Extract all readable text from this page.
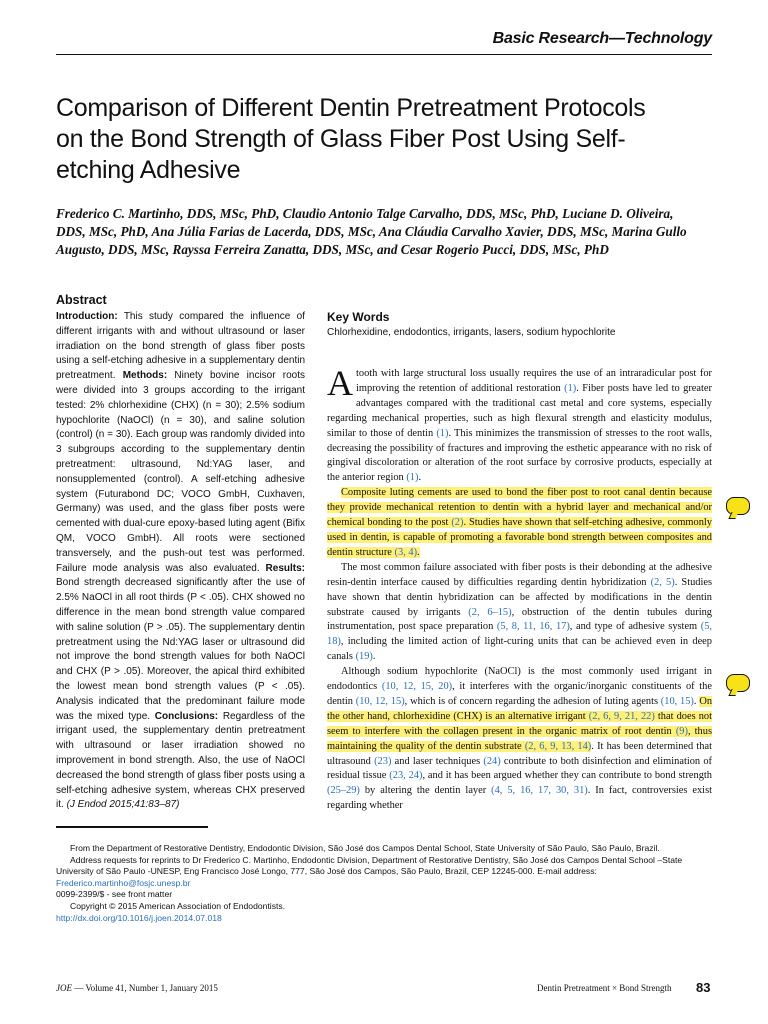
Basic Research—Technology
Comparison of Different Dentin Pretreatment Protocols on the Bond Strength of Glass Fiber Post Using Self-etching Adhesive
Frederico C. Martinho, DDS, MSc, PhD, Claudio Antonio Talge Carvalho, DDS, MSc, PhD, Luciane D. Oliveira, DDS, MSc, PhD, Ana Júlia Farias de Lacerda, DDS, MSc, Ana Cláudia Carvalho Xavier, DDS, MSc, Marina Gullo Augusto, DDS, MSc, Rayssa Ferreira Zanatta, DDS, MSc, and Cesar Rogerio Pucci, DDS, MSc, PhD
Abstract
Introduction: This study compared the influence of different irrigants with and without ultrasound or laser irradiation on the bond strength of glass fiber posts using a self-etching adhesive in a supplementary dentin pretreatment. Methods: Ninety bovine incisor roots were divided into 3 groups according to the irrigant tested: 2% chlorhexidine (CHX) (n = 30); 2.5% sodium hypochlorite (NaOCl) (n = 30), and saline solution (control) (n = 30). Each group was randomly divided into 3 subgroups according to the supplementary dentin pretreatment: ultrasound, Nd:YAG laser, and nonsupplemented (control). A self-etching adhesive system (Futurabond DC; VOCO GmbH, Cuxhaven, Germany) was used, and the glass fiber posts were cemented with dual-cure epoxy-based luting agent (Bifix QM, VOCO GmbH). All roots were sectioned transversely, and the push-out test was performed. Failure mode analysis was also evaluated. Results: Bond strength decreased significantly after the use of 2.5% NaOCl in all root thirds (P < .05). CHX showed no difference in the mean bond strength value compared with saline solution (P > .05). The supplementary dentin pretreatment using the Nd:YAG laser or ultrasound did not improve the bond strength values for both NaOCl and CHX (P > .05). Moreover, the apical third exhibited the lowest mean bond strength values (P < .05). Analysis indicated that the predominant failure mode was the mixed type. Conclusions: Regardless of the irrigant used, the supplementary dentin pretreatment with ultrasound or laser irradiation showed no improvement in bond strength. Also, the use of NaOCl decreased the bond strength of glass fiber posts using a self-etching adhesive system, whereas CHX preserved it. (J Endod 2015;41:83–87)
Key Words
Chlorhexidine, endodontics, irrigants, lasers, sodium hypochlorite

Atooth with large structural loss usually requires the use of an intraradicular post for improving the retention of additional restoration (1). Fiber posts have led to greater advantages compared with the traditional cast metal and core systems, especially regarding mechanical properties, such as high flexural strength and elasticity modulus, similar to those of dentin (1). This minimizes the transmission of stresses to the root walls, decreasing the possibility of fractures and improving the esthetic appearance with no risk of gingival discoloration or alteration of the root surface by corrosive products, especially at the anterior region (1).

Composite luting cements are used to bond the fiber post to root canal dentin because they provide mechanical retention to dentin with a hybrid layer and mechanical and/or chemical bonding to the post (2). Studies have shown that self-etching adhesive, commonly used in dentin, is capable of promoting a favorable bond strength between composites and dentin structure (3, 4).

The most common failure associated with fiber posts is their debonding at the adhesive resin-dentin interface caused by difficulties regarding dentin hybridization (2, 5). Studies have shown that dentin hybridization can be affected by modifications in the dentin substrate caused by irrigants (2, 6–15), obstruction of the dentin tubules during instrumentation, post space preparation (5, 8, 11, 16, 17), and type of adhesive system (5, 18), including the limited action of light-curing units that can be achieved even in deep canals (19).

Although sodium hypochlorite (NaOCl) is the most commonly used irrigant in endodontics (10, 12, 15, 20), it interferes with the organic/inorganic constituents of the dentin (10, 12, 15), which is of concern regarding the adhesion of luting agents (10, 15). On the other hand, chlorhexidine (CHX) is an alternative irrigant (2, 6, 9, 21, 22) that does not seem to interfere with the collagen present in the organic matrix of root dentin (9), thus maintaining the quality of the dentin substrate (2, 6, 9, 13, 14). It has been determined that ultrasound (23) and laser techniques (24) contribute to both disinfection and elimination of residual tissue (23, 24), and it has been argued whether they can contribute to bond strength (25–29) by altering the dentin layer (4, 5, 16, 17, 30, 31). In fact, controversies exist regarding whether

From the Department of Restorative Dentistry, Endodontic Division, São José dos Campos Dental School, State University of São Paulo, São Paulo, Brazil.

Address requests for reprints to Dr Frederico C. Martinho, Endodontic Division, Department of Restorative Dentistry, São José dos Campos Dental School –State University of São Paulo -UNESP, Eng Francisco José Longo, 777, São José dos Campos, São Paulo, Brazil, CEP 12245-000. E-mail address: Frederico.martinho@fosjc.unesp.br

0099-2399/$ - see front matter

Copyright © 2015 American Association of Endodontists.

http://dx.doi.org/10.1016/j.joen.2014.07.018

JOE — Volume 41, Number 1, January 2015	Dentin Pretreatment × Bond Strength 83
